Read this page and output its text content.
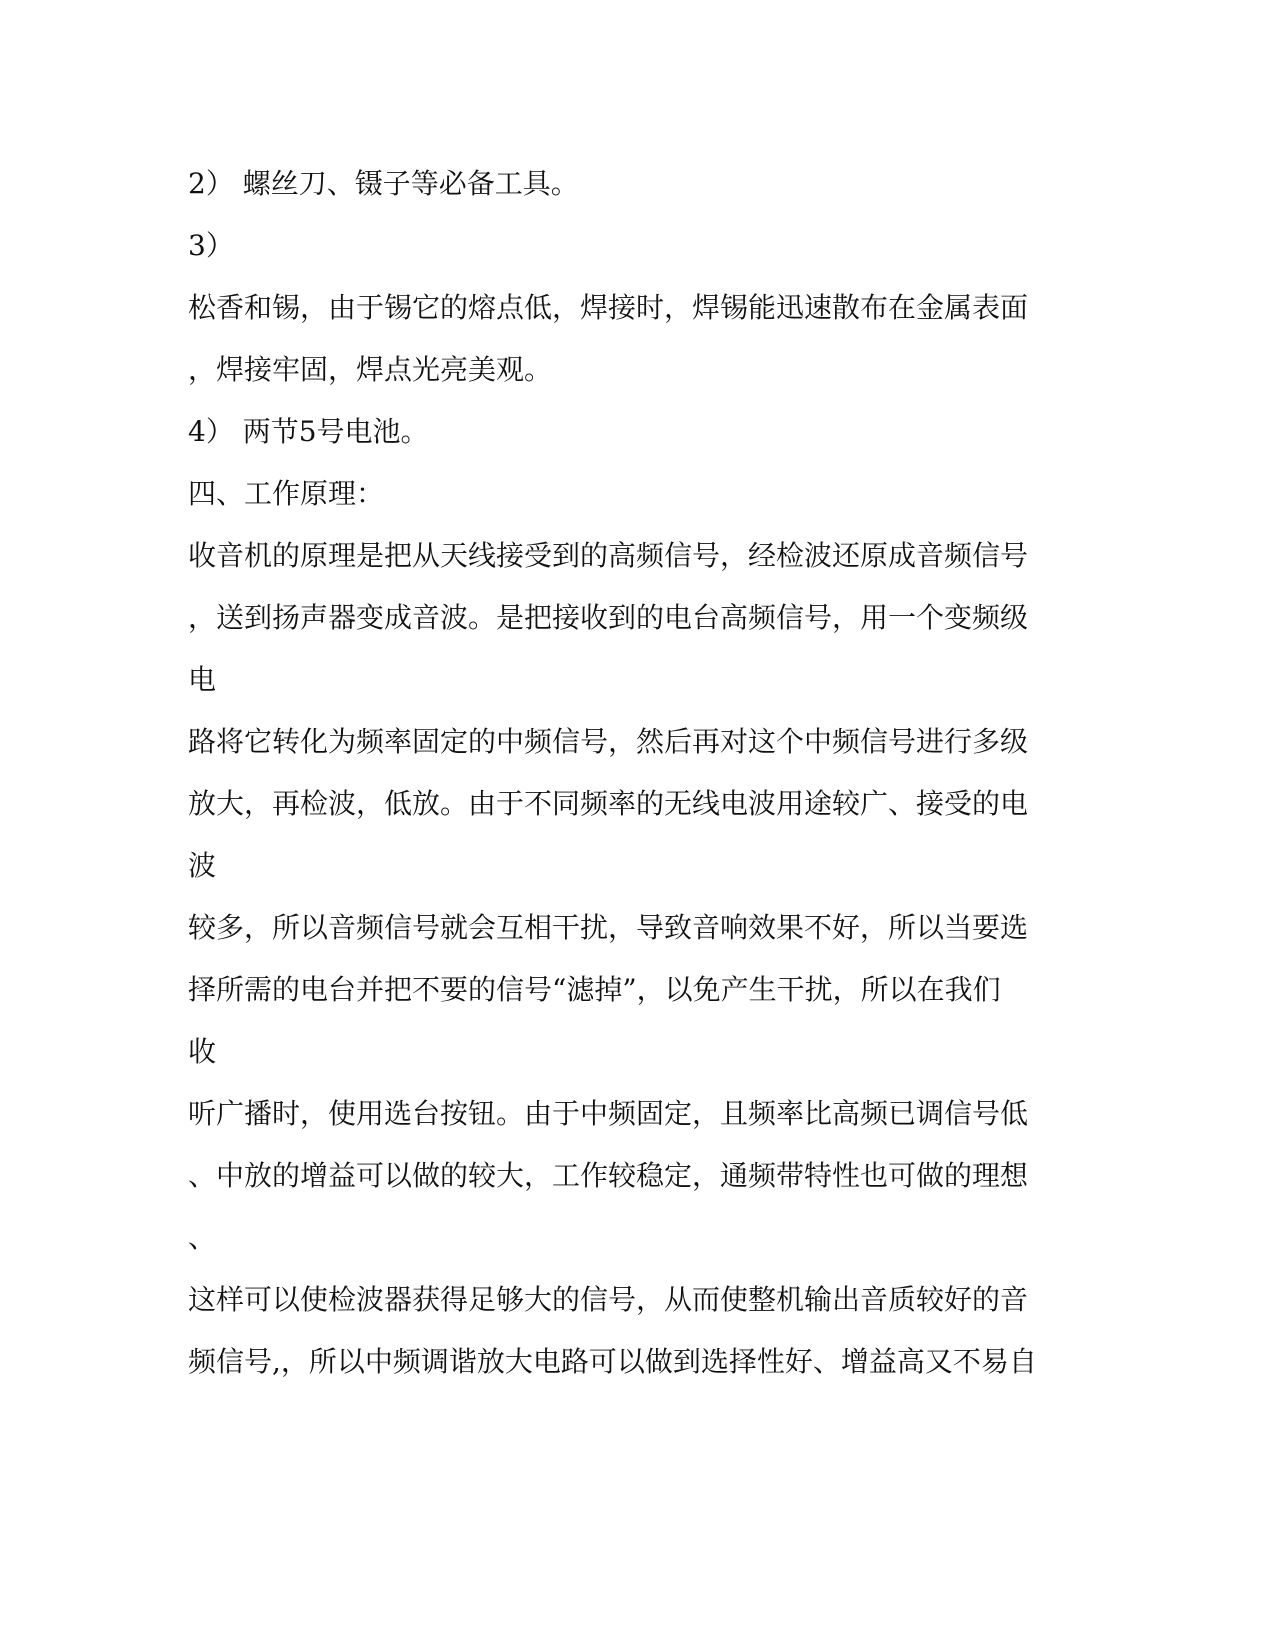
2） 螺丝刀、镊子等必备工具。

3）

松香和锡，由于锡它的熔点低，焊接时，焊锡能迅速散布在金属表面

，焊接牢固，焊点光亮美观。

4） 两节5号电池。

四、工作原理：

收音机的原理是把从天线接受到的高频信号，经检波还原成音频信号

，送到扬声器变成音波。是把接收到的电台高频信号，用一个变频级

电

路将它转化为频率固定的中频信号，然后再对这个中频信号进行多级

放大，再检波，低放。由于不同频率的无线电波用途较广、接受的电

波

较多，所以音频信号就会互相干扰，导致音响效果不好，所以当要选

择所需的电台并把不要的信号“滤掉”，以免产生干扰，所以在我们

收

听广播时，使用选台按钮。由于中频固定，且频率比高频已调信号低

、中放的增益可以做的较大，工作较稳定，通频带特性也可做的理想

、

这样可以使检波器获得足够大的信号，从而使整机输出音质较好的音

频信号,，所以中频调谐放大电路可以做到选择性好、增益高又不易自
